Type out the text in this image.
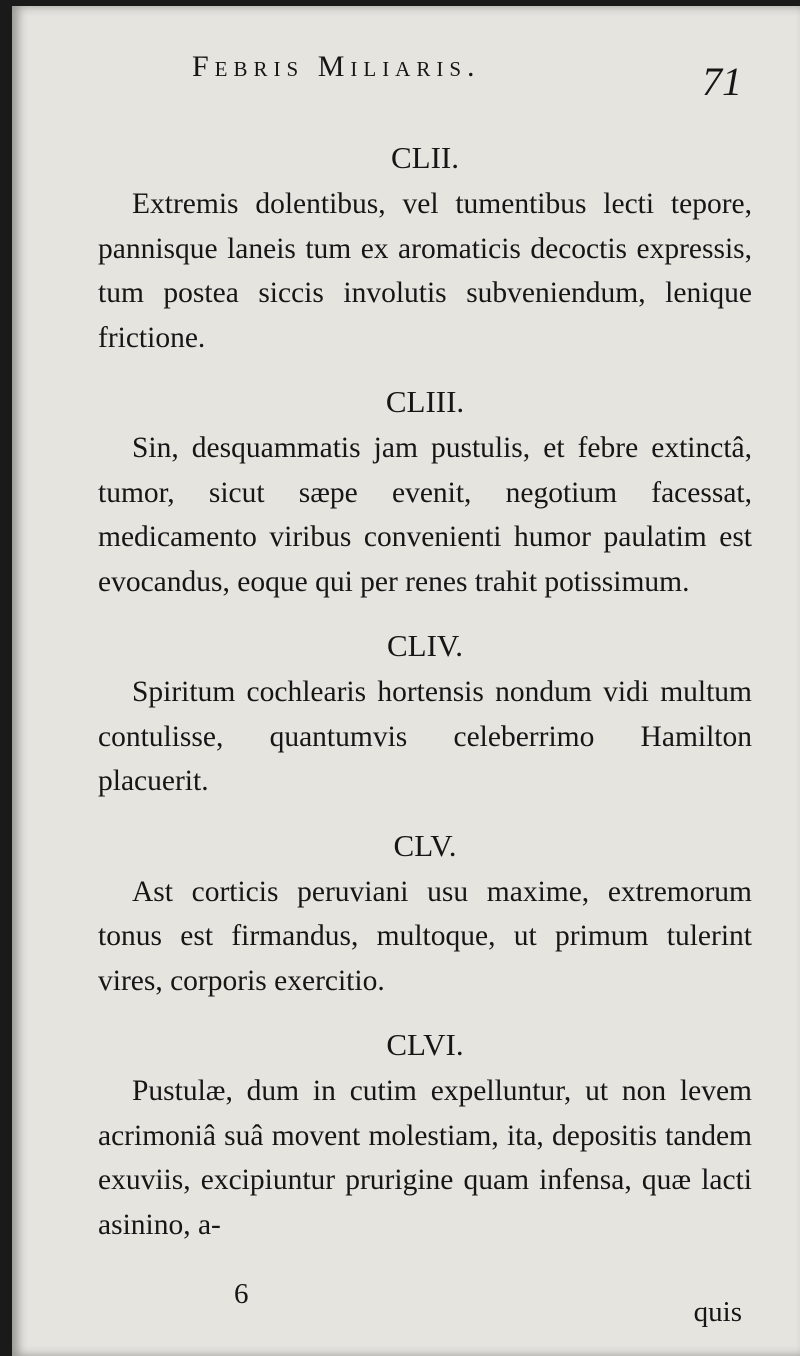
Febris Miliaris.	71
CLII.

Extremis dolentibus, vel tumentibus lecti tepore, pannisque laneis tum ex aromaticis decoctis expressis, tum postea siccis involutis subveniendum, lenique frictione.

CLIII.

Sin, desquammatis jam pustulis, et febre extinctâ, tumor, sicut sæpe evenit, negotium facessat, medicamento viribus convenienti humor paulatim est evocandus, eoque qui per renes trahit potissimum.

CLIV.

Spiritum cochlearis hortensis nondum vidi multum contulisse, quantumvis celeberrimo Hamilton placuerit.

CLV.

Ast corticis peruviani usu maxime, extremorum tonus est firmandus, multoque, ut primum tulerint vires, corporis exercitio.

CLVI.

Pustulæ, dum in cutim expelluntur, ut non levem acrimoniâ suâ movent molestiam, ita, depositis tandem exuviis, excipiuntur prurigine quam infensa, quæ lacti asinino, a-

6
quis
